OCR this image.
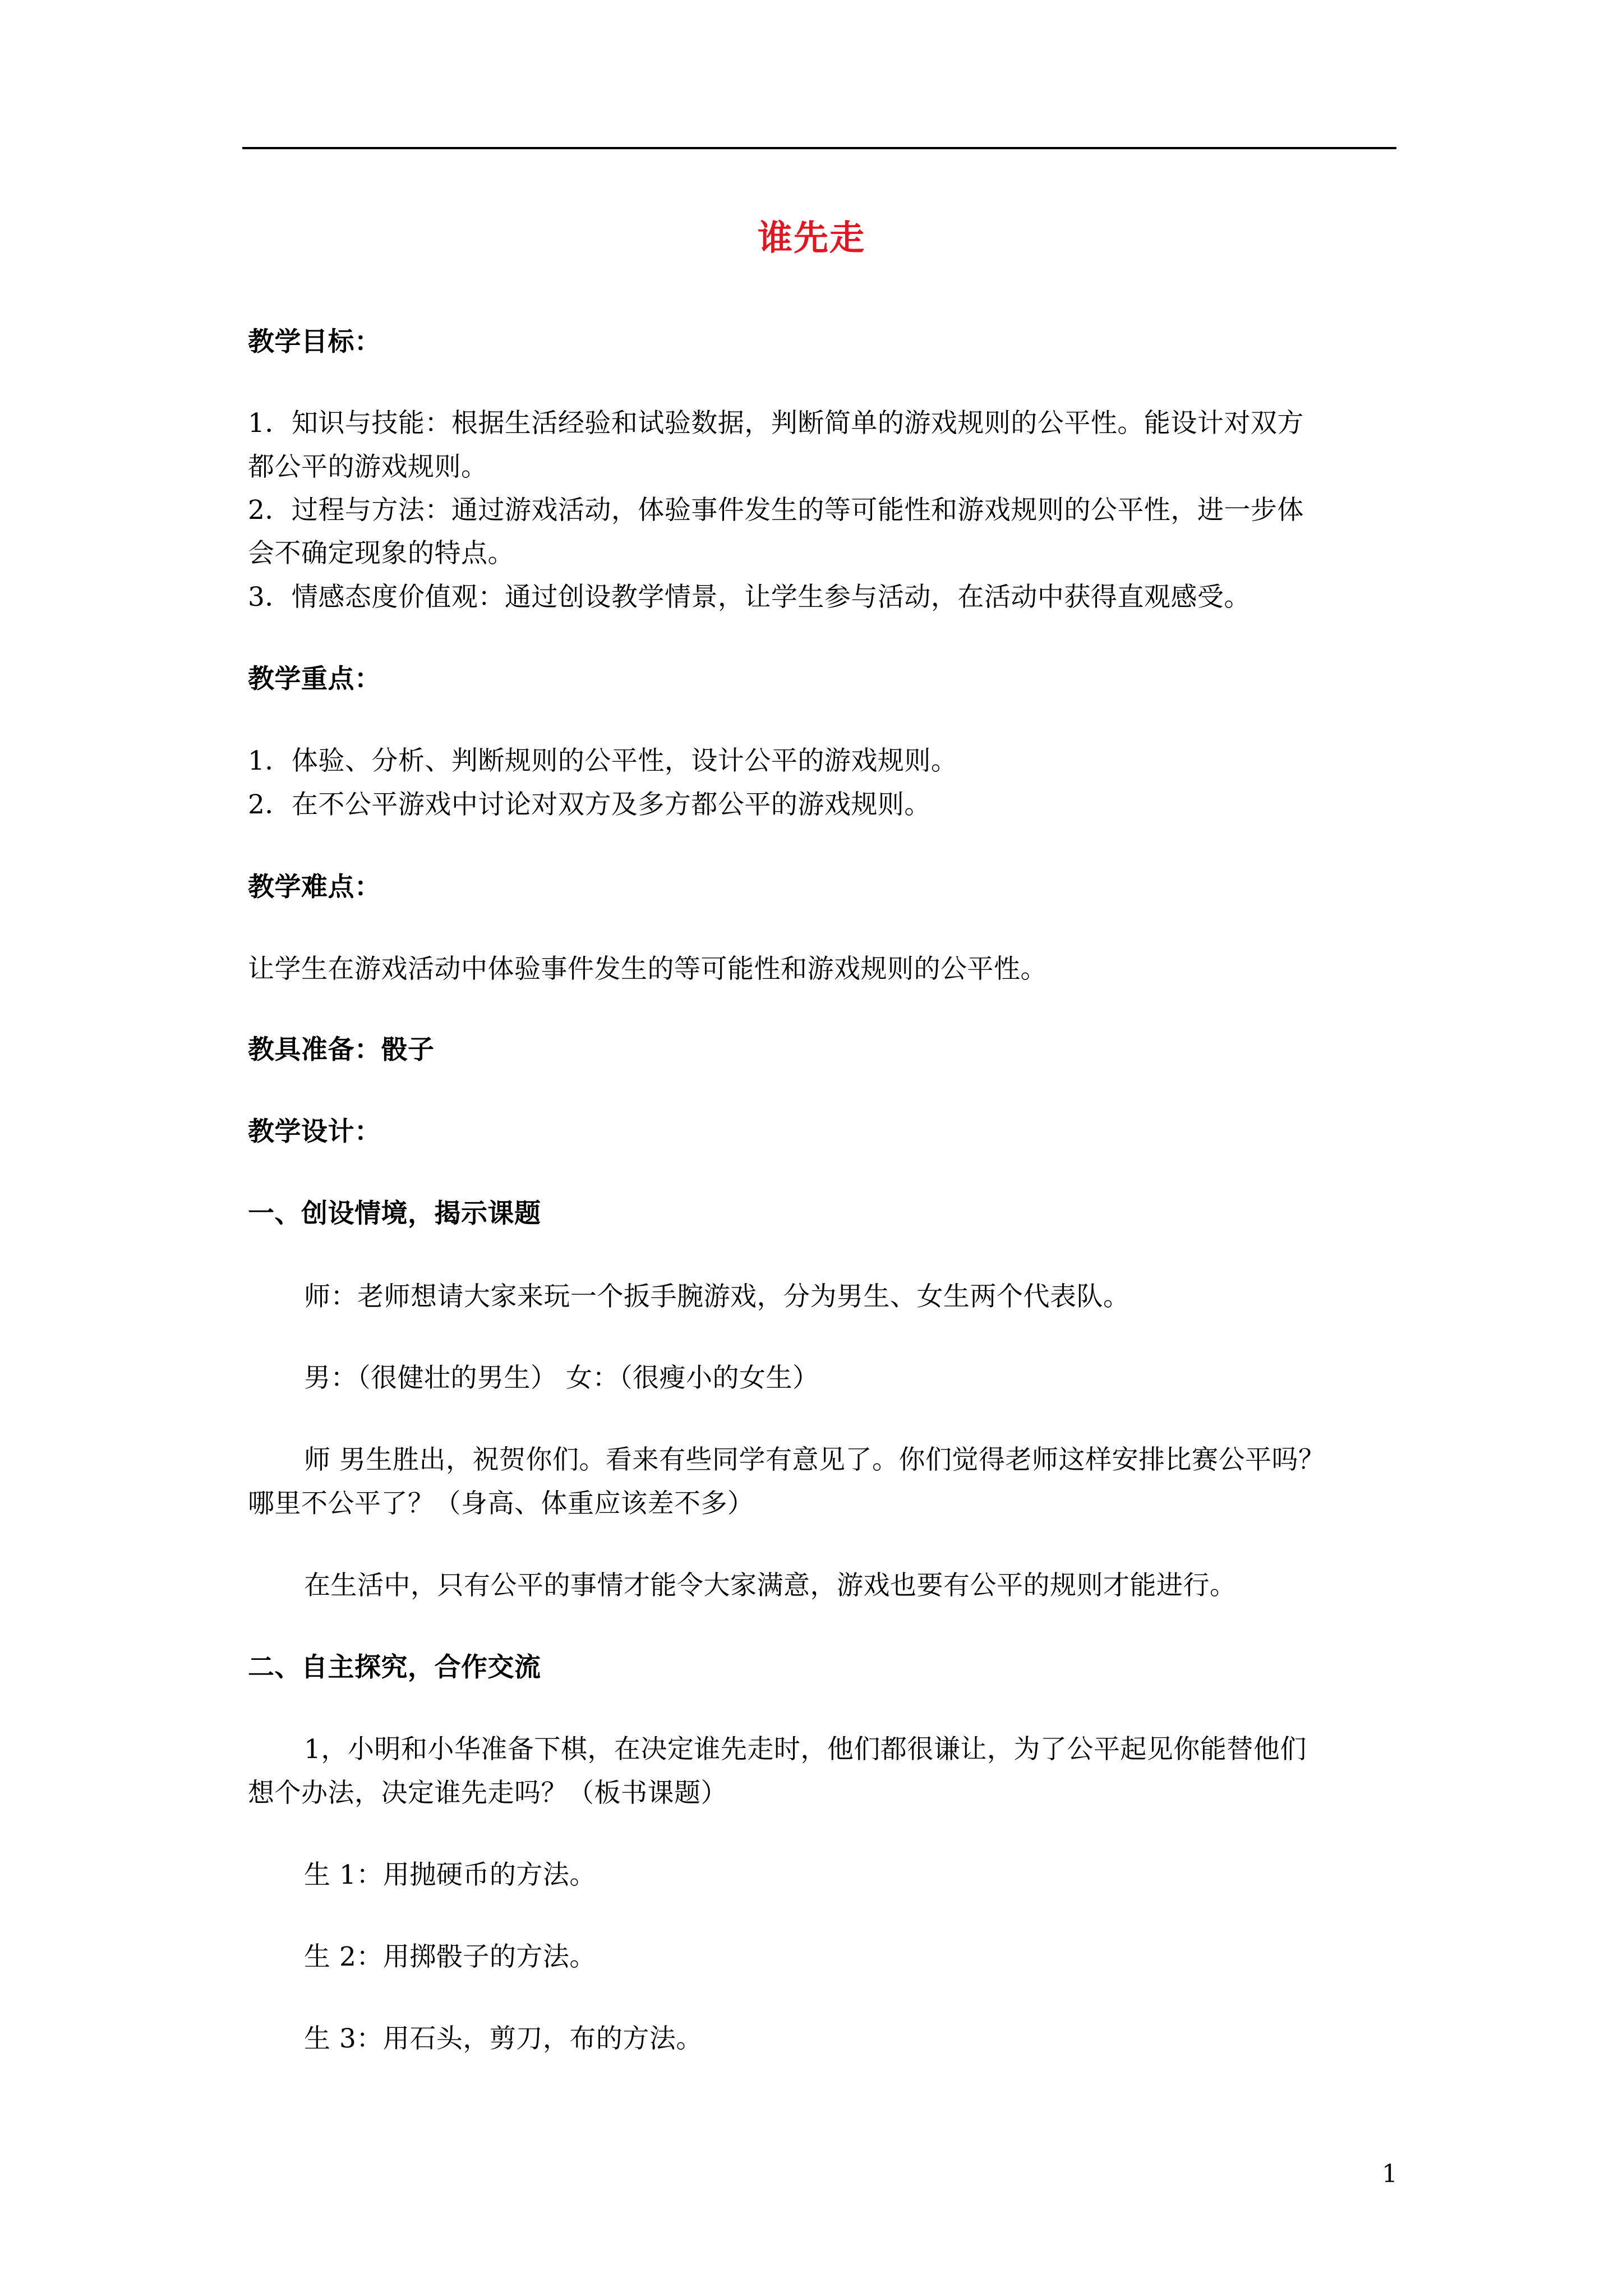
谁先走
教学目标：
1．知识与技能：根据生活经验和试验数据，判断简单的游戏规则的公平性。能设计对双方
都公平的游戏规则。
2．过程与方法：通过游戏活动，体验事件发生的等可能性和游戏规则的公平性，进一步体
会不确定现象的特点。
3．情感态度价值观：通过创设教学情景，让学生参与活动，在活动中获得直观感受。
教学重点：
1．体验、分析、判断规则的公平性，设计公平的游戏规则。
2．在不公平游戏中讨论对双方及多方都公平的游戏规则。
教学难点：
让学生在游戏活动中体验事件发生的等可能性和游戏规则的公平性。
教具准备：骰子
教学设计：
一、创设情境，揭示课题
师：老师想请大家来玩一个扳手腕游戏，分为男生、女生两个代表队。
男：（很健壮的男生） 女：（很瘦小的女生）
师 男生胜出，祝贺你们。看来有些同学有意见了。你们觉得老师这样安排比赛公平吗？
哪里不公平了？（身高、体重应该差不多）
在生活中，只有公平的事情才能令大家满意，游戏也要有公平的规则才能进行。
二、自主探究，合作交流
1，小明和小华准备下棋，在决定谁先走时，他们都很谦让，为了公平起见你能替他们
想个办法，决定谁先走吗？（板书课题）
生 1：用抛硬币的方法。
生 2：用掷骰子的方法。
生 3：用石头，剪刀，布的方法。
1
